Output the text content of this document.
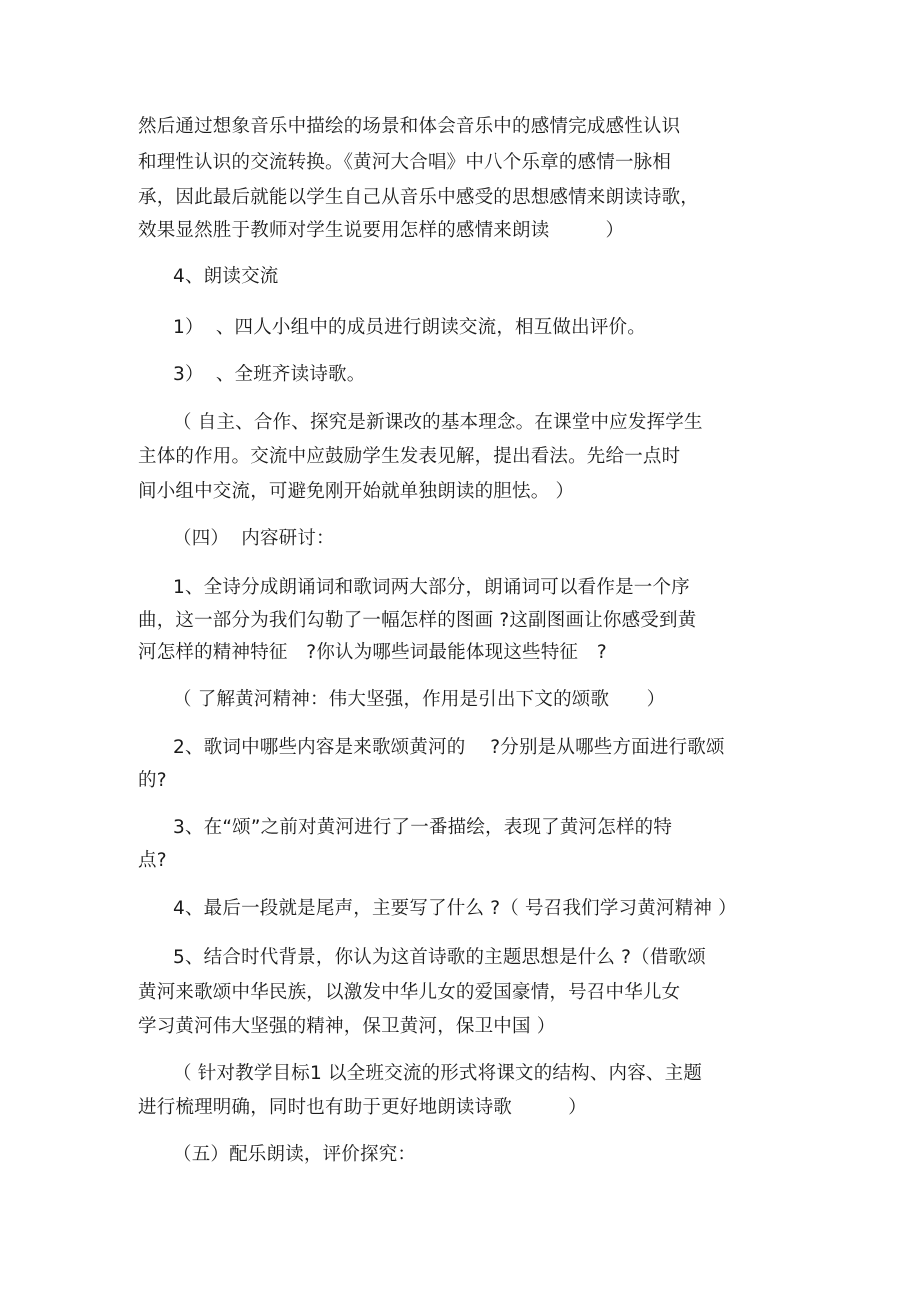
然后通过想象音乐中描绘的场景和体会音乐中的感情完成感性认识
和理性认识的交流转换。《黄河大合唱》中八个乐章的感情一脉相
承，因此最后就能以学生自己从音乐中感受的思想感情来朗读诗歌，
效果显然胜于教师对学生说要用怎样的感情来朗读　　　）
4、朗读交流
1）  、四人小组中的成员进行朗读交流，相互做出评价。
3）  、全班齐读诗歌。
（ 自主、合作、探究是新课改的基本理念。在课堂中应发挥学生
主体的作用。交流中应鼓励学生发表见解，提出看法。先给一点时
间小组中交流，可避免刚开始就单独朗读的胆怯。 ）
（四）  内容研讨：
1、全诗分成朗诵词和歌词两大部分，朗诵词可以看作是一个序
曲，这一部分为我们勾勒了一幅怎样的图画 ?这副图画让你感受到黄
河怎样的精神特征　?你认为哪些词最能体现这些特征　?
（ 了解黄河精神：伟大坚强，作用是引出下文的颂歌　　）
2、歌词中哪些内容是来歌颂黄河的　 ?分别是从哪些方面进行歌颂
的?
3、在“颂”之前对黄河进行了一番描绘，表现了黄河怎样的特
点?
4、最后一段就是尾声，主要写了什么 ?（ 号召我们学习黄河精神 ）
5、结合时代背景，你认为这首诗歌的主题思想是什么 ?（借歌颂
黄河来歌颂中华民族，以激发中华儿女的爱国豪情，号召中华儿女
学习黄河伟大坚强的精神，保卫黄河，保卫中国 ）
（ 针对教学目标1 以全班交流的形式将课文的结构、内容、主题
进行梳理明确，同时也有助于更好地朗读诗歌　　　）
（五）配乐朗读，评价探究：
